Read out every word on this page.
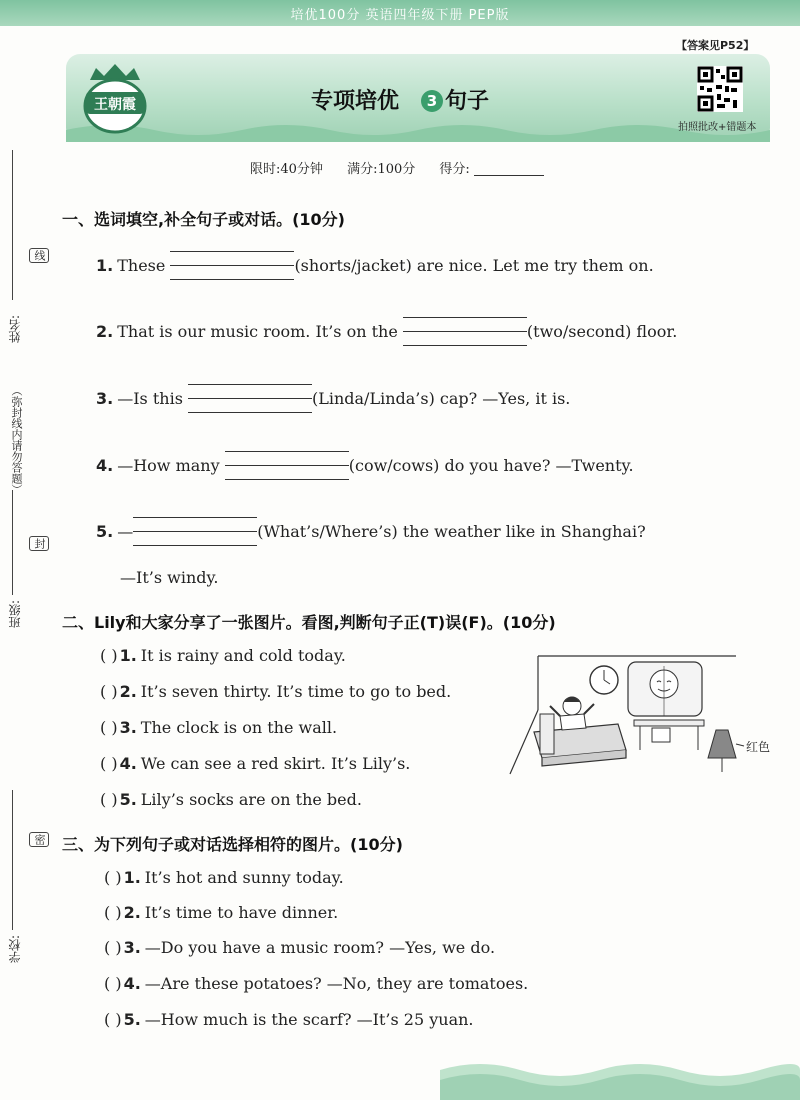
培优100分 英语四年级下册 PEP版
【答案见P52】
王朝霞	专项培优 3 句子
拍照批改+错题本
限时:40分钟 满分:100分 得分:
姓名:
线
（弥封线内请勿答题）
封
班级:
密
学校:
一、选词填空,补全句子或对话。(10分)
1. These	(shorts/jacket) are nice. Let me try them on.
2. That is our music room. It’s on the	(two/second) floor.
3. —Is this	(Linda/Linda’s) cap? —Yes, it is.
4. —How many	(cow/cows) do you have? —Twenty.
5. —	(What’s/Where’s) the weather like in Shanghai?
—It’s windy.
二、Lily和大家分享了一张图片。看图,判断句子正(T)误(F)。(10分)
( ) 1. It is rainy and cold today.
( ) 2. It’s seven thirty. It’s time to go to bed.
( ) 3. The clock is on the wall.
( ) 4. We can see a red skirt. It’s Lily’s.
( ) 5. Lily’s socks are on the bed.
红色
三、为下列句子或对话选择相符的图片。(10分)
( ) 1. It’s hot and sunny today.
( ) 2. It’s time to have dinner.
( ) 3. —Do you have a music room? —Yes, we do.
( ) 4. —Are these potatoes? —No, they are tomatoes.
( ) 5. —How much is the scarf? —It’s 25 yuan.
